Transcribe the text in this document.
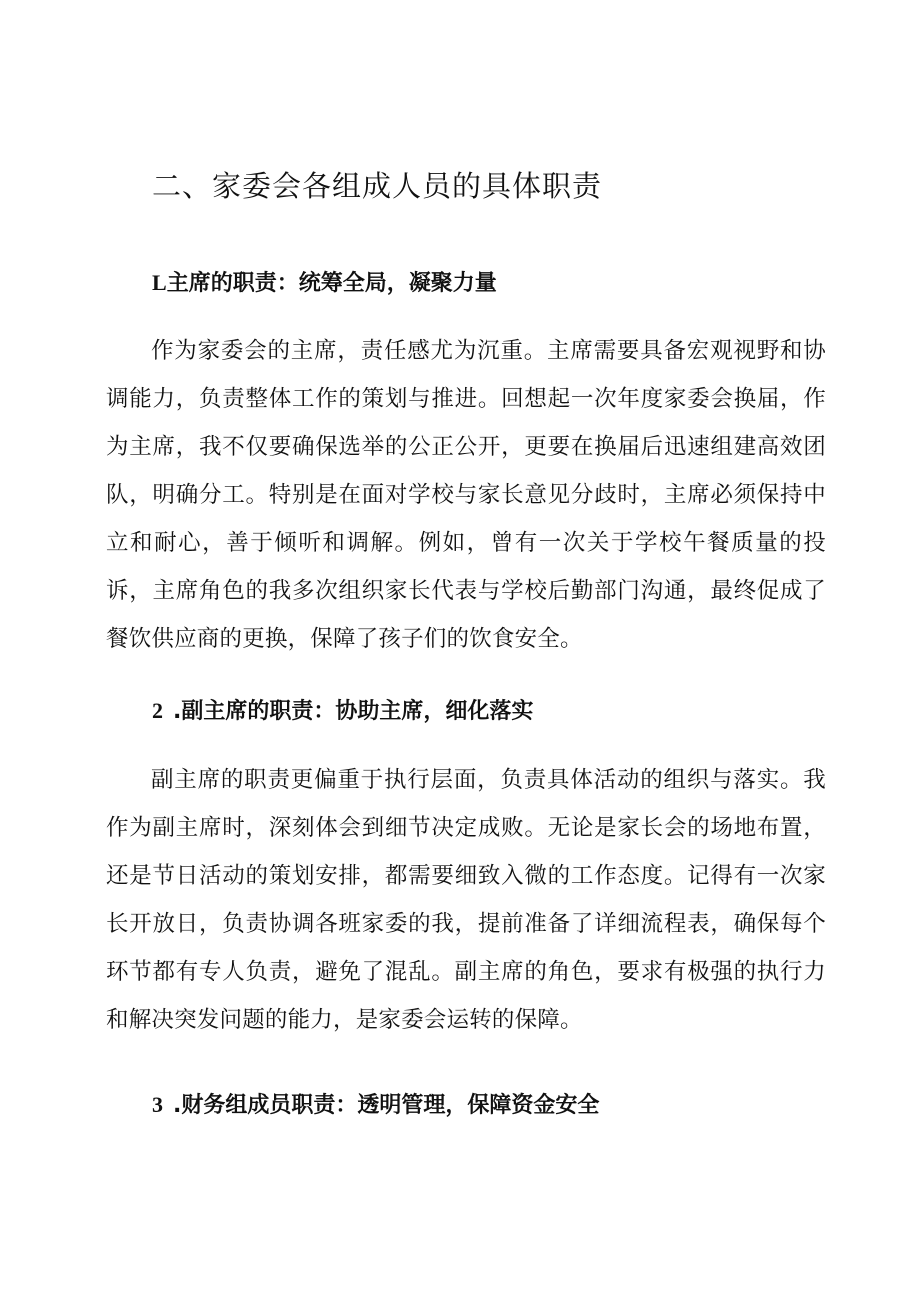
二、家委会各组成人员的具体职责
L主席的职责：统筹全局，凝聚力量

作为家委会的主席，责任感尤为沉重。主席需要具备宏观视野和协调能力，负责整体工作的策划与推进。回想起一次年度家委会换届，作为主席，我不仅要确保选举的公正公开，更要在换届后迅速组建高效团队，明确分工。特别是在面对学校与家长意见分歧时，主席必须保持中立和耐心，善于倾听和调解。例如，曾有一次关于学校午餐质量的投诉，主席角色的我多次组织家长代表与学校后勤部门沟通，最终促成了餐饮供应商的更换，保障了孩子们的饮食安全。

2 .副主席的职责：协助主席，细化落实

副主席的职责更偏重于执行层面，负责具体活动的组织与落实。我作为副主席时，深刻体会到细节决定成败。无论是家长会的场地布置，还是节日活动的策划安排，都需要细致入微的工作态度。记得有一次家长开放日，负责协调各班家委的我，提前准备了详细流程表，确保每个环节都有专人负责，避免了混乱。副主席的角色，要求有极强的执行力和解决突发问题的能力，是家委会运转的保障。

3 .财务组成员职责：透明管理，保障资金安全
